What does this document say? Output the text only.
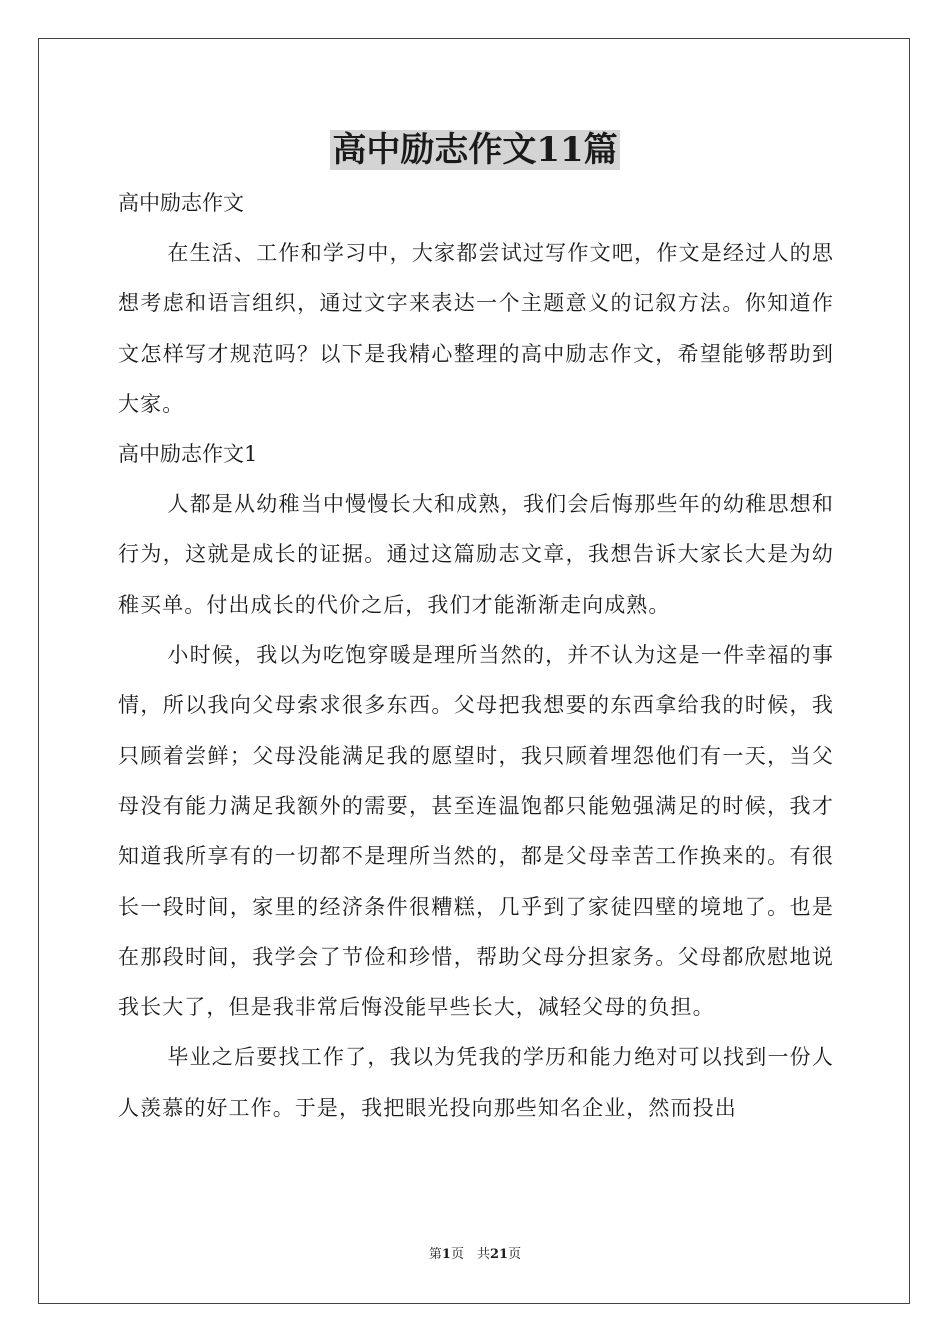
高中励志作文11篇

高中励志作文

在生活、工作和学习中，大家都尝试过写作文吧，作文是经过人的思想考虑和语言组织，通过文字来表达一个主题意义的记叙方法。你知道作文怎样写才规范吗？以下是我精心整理的高中励志作文，希望能够帮助到大家。

高中励志作文1

人都是从幼稚当中慢慢长大和成熟，我们会后悔那些年的幼稚思想和行为，这就是成长的证据。通过这篇励志文章，我想告诉大家长大是为幼稚买单。付出成长的代价之后，我们才能渐渐走向成熟。

小时候，我以为吃饱穿暖是理所当然的，并不认为这是一件幸福的事情，所以我向父母索求很多东西。父母把我想要的东西拿给我的时候，我只顾着尝鲜；父母没能满足我的愿望时，我只顾着埋怨他们有一天，当父母没有能力满足我额外的需要，甚至连温饱都只能勉强满足的时候，我才知道我所享有的一切都不是理所当然的，都是父母幸苦工作换来的。有很长一段时间，家里的经济条件很糟糕，几乎到了家徒四壁的境地了。也是在那段时间，我学会了节俭和珍惜，帮助父母分担家务。父母都欣慰地说我长大了，但是我非常后悔没能早些长大，减轻父母的负担。

毕业之后要找工作了，我以为凭我的学历和能力绝对可以找到一份人人羡慕的好工作。于是，我把眼光投向那些知名企业，然而投出

第1页　共21页
